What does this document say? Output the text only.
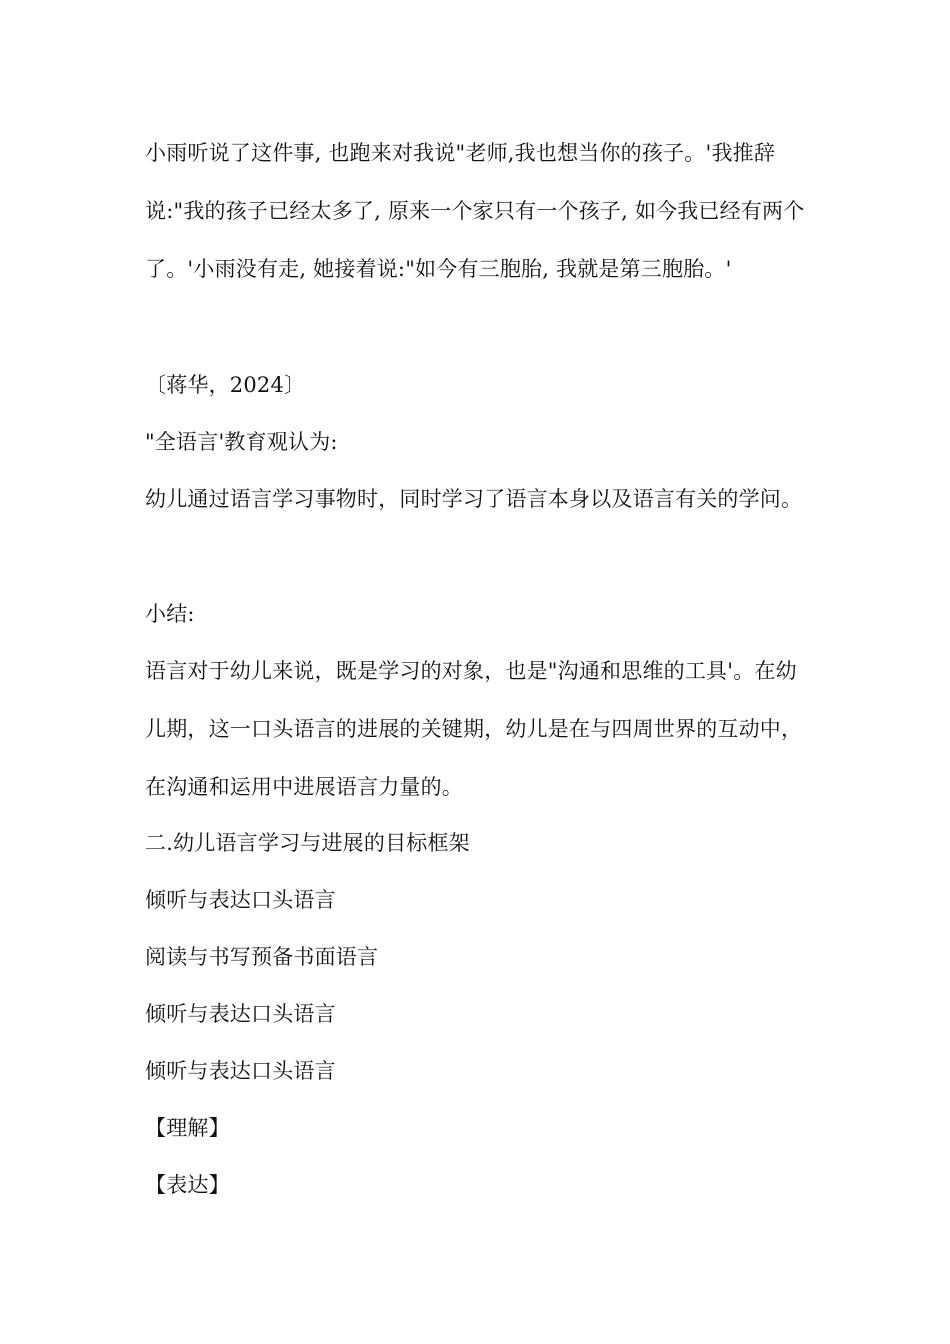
小雨听说了这件事, 也跑来对我说"老师,我也想当你的孩子。'我推辞说:"我的孩子已经太多了, 原来一个家只有一个孩子, 如今我已经有两个了。'小雨没有走, 她接着说:"如今有三胞胎, 我就是第三胞胎。'
〔蒋华，2024〕
"全语言'教育观认为:
幼儿通过语言学习事物时，同时学习了语言本身以及语言有关的学问。
小结:
语言对于幼儿来说，既是学习的对象，也是"沟通和思维的工具'。在幼儿期，这一口头语言的进展的关键期，幼儿是在与四周世界的互动中，在沟通和运用中进展语言力量的。
二.幼儿语言学习与进展的目标框架
倾听与表达口头语言
阅读与书写预备书面语言
倾听与表达口头语言
倾听与表达口头语言
【理解】
【表达】
